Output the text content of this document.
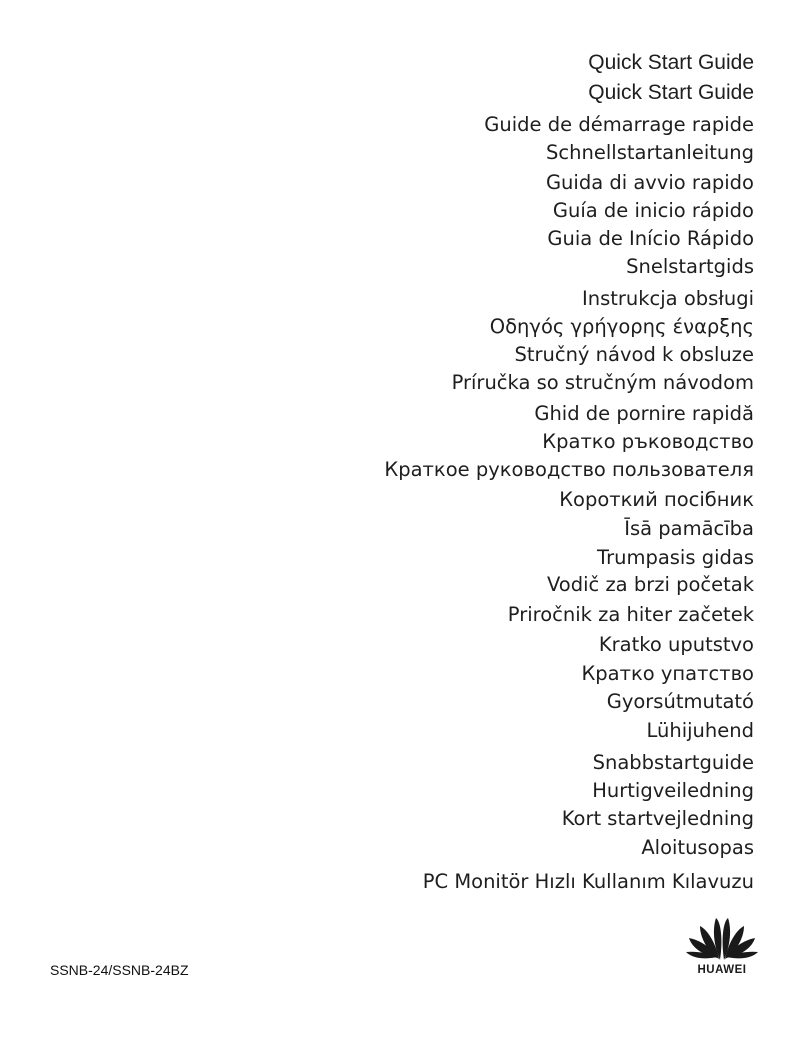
Quick Start Guide
Quick Start Guide
Guide de démarrage rapide
Schnellstartanleitung
Guida di avvio rapido
Guía de inicio rápido
Guia de Início Rápido
Snelstartgids
Instrukcja obsługi
Οδηγός γρήγορης έναρξης
Stručný návod k obsluze
Príručka so stručným návodom
Ghid de pornire rapidă
Кратко ръководство
Краткое руководство пользователя
Короткий посібник
Īsā pamācība
Trumpasis gidas
Vodič za brzi početak
Priročnik za hiter začetek
Kratko uputstvo
Кратко упатство
Gyorsútmutató
Lühijuhend
Snabbstartguide
Hurtigveiledning
Kort startvejledning
Aloitusopas
PC Monitör Hızlı Kullanım Kılavuzu
SSNB-24/SSNB-24BZ	HUAWEI
